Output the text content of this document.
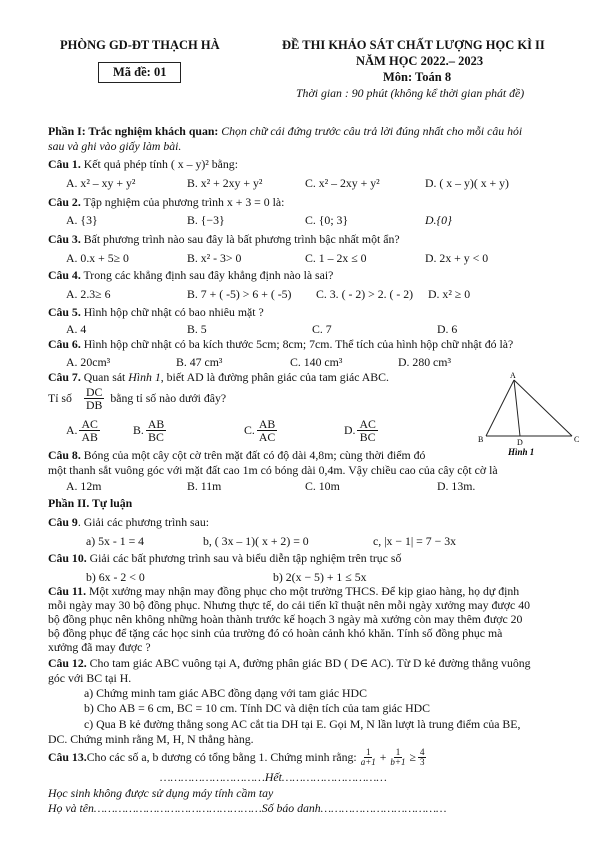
PHÒNG GD-ĐT THẠCH HÀ
Mã đề: 01
ĐỀ THI KHẢO SÁT CHẤT LƯỢNG HỌC KÌ II
NĂM HỌC 2022.– 2023
Môn: Toán 8
Thời gian : 90 phút (không kể thời gian phát đề)
Phần I: Trắc nghiệm khách quan: Chọn chữ cái đứng trước câu trả lời đúng nhất cho mỗi câu hỏi
sau và ghi vào giấy làm bài.
Câu 1. Kết quả phép tính ( x – y)² bằng:
A. x² – xy + y²	B. x² + 2xy + y²	C. x² – 2xy + y²	D. ( x – y)( x + y)
Câu 2. Tập nghiệm của phương trình x + 3 = 0 là:
A. {3}	B. {−3}	C. {0; 3}	D.{0}
Câu 3. Bất phương trình nào sau đây là bất phương trình bậc nhất một ẩn?
A. 0.x + 5≥ 0	B. x² - 3> 0	C. 1 – 2x ≤ 0	D. 2x + y < 0
Câu 4. Trong các khẳng định sau đây khẳng định nào là sai?
A. 2.3≥ 6	B. 7 + ( -5) > 6 + ( -5) C. 3. ( - 2) > 2. ( - 2) D. x² ≥ 0
Câu 5. Hình hộp chữ nhật có bao nhiêu mặt ?
A. 4	B. 5	C. 7	D. 6
Câu 6. Hình hộp chữ nhật có ba kích thước 5cm; 8cm; 7cm. Thể tích của hình hộp chữ nhật đó là?
A. 20cm³	B. 47 cm³	C. 140 cm³	D. 280 cm³
Câu 7. Quan sát Hình 1, biết AD là đường phân giác của tam giác ABC.
Tỉ số $\frac{DC}{DB}$ bằng tỉ số nào dưới đây?
A. $\frac{AC}{AB}$	B. $\frac{AB}{BC}$	C. $\frac{AB}{AC}$	D. $\frac{AC}{BC}$
A
B	C
D
Hình 1
Câu 8. Bóng của một cây cột cờ trên mặt đất có độ dài 4,8m; cùng thời điểm đó
một thanh sắt vuông góc với mặt đất cao 1m có bóng dài 0,4m. Vậy chiều cao của cây cột cờ là
A. 12m	B. 11m	C. 10m	D. 13m.
Phần II. Tự luận
Câu 9. Giải các phương trình sau:
a) 5x - 1 = 4	b, ( 3x – 1)( x + 2) = 0	c, |x − 1| = 7 − 3x
Câu 10. Giải các bất phương trình sau và biểu diễn tập nghiệm trên trục số
b) 6x - 2 < 0	b) 2(x − 5) + 1 ≤ 5x
Câu 11. Một xưởng may nhận may đồng phục cho một trường THCS. Để kịp giao hàng, họ dự định
mỗi ngày may 30 bộ đồng phục. Nhưng thực tế, do cải tiến kĩ thuật nên mỗi ngày xưởng may được 40
bộ đồng phục nên không những hoàn thành trước kế hoạch 3 ngày mà xưởng còn may thêm được 20
bộ đồng phục để tặng các học sinh của trường đó có hoàn cảnh khó khăn. Tính số đồng phục mà
xưởng đã may được ?
Câu 12. Cho tam giác ABC vuông tại A, đường phân giác BD ( D∈ AC). Từ D kẻ đường thẳng vuông
góc với BC tại H.
a) Chứng minh tam giác ABC đồng dạng với tam giác HDC
b) Cho AB = 6 cm, BC = 10 cm. Tính DC và diện tích của tam giác HDC
c) Qua B kẻ đường thẳng song AC cắt tia DH tại E. Gọi M, N lần lượt là trung điểm của BE,
DC. Chứng minh rằng M, H, N thẳng hàng.
Câu 13. Cho các số a, b dương có tổng bằng 1. Chứng minh rằng: $\frac{1}{a+1} + \frac{1}{b+1} \ge \frac{4}{3}$
…………………………Hết…………………………
Học sinh không được sử dụng máy tính cầm tay
Họ và tên…………………………………………Số báo danh………………………………
